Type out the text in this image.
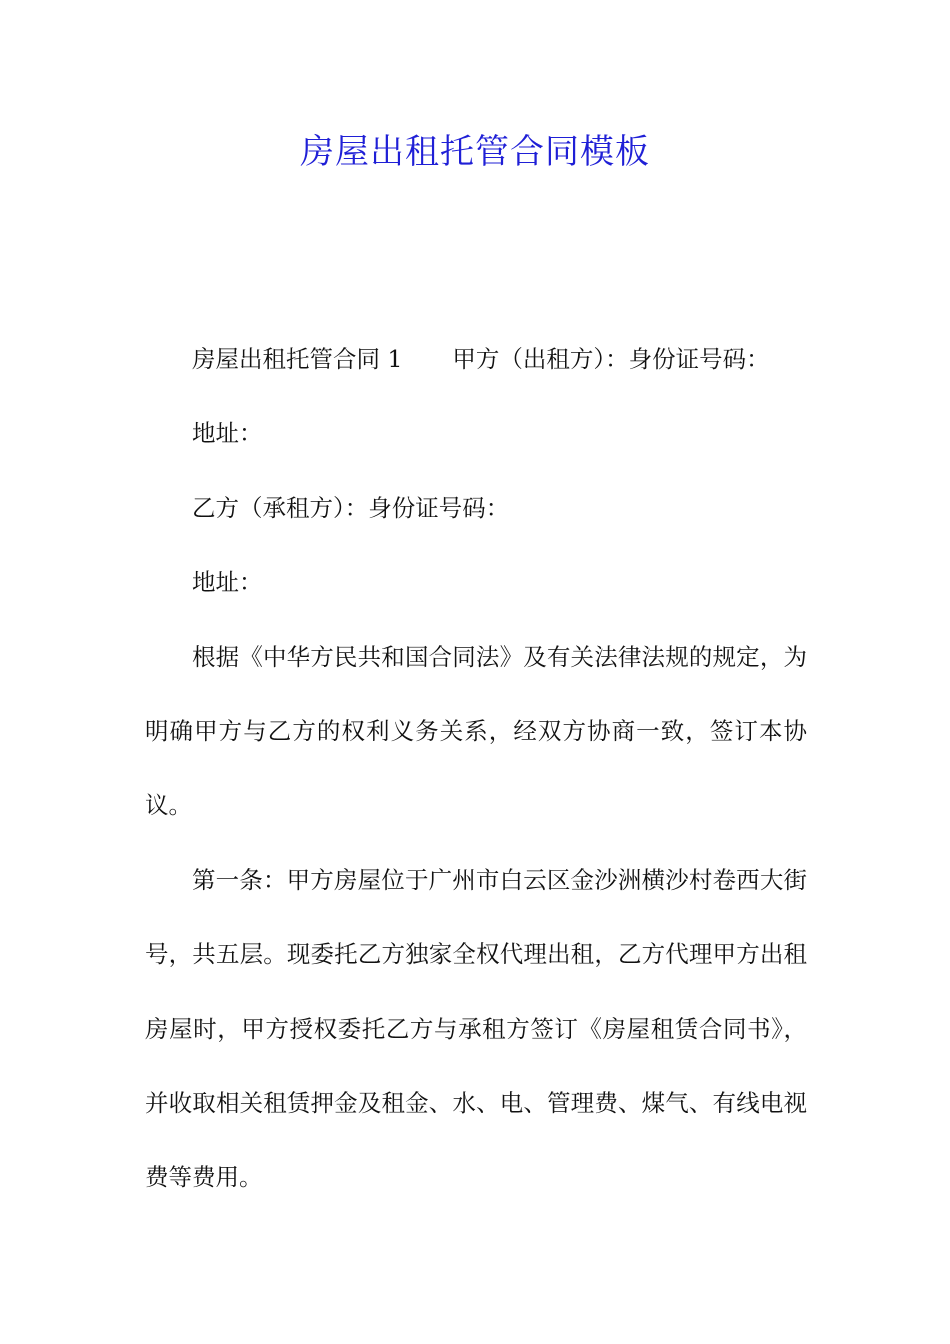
房屋出租托管合同模板

房屋出租托管合同 1 甲方（出租方）：身份证号码：

地址：

乙方（承租方）：身份证号码：

地址：

根据《中华方民共和国合同法》及有关法律法规的规定，为明确甲方与乙方的权利义务关系，经双方协商一致，签订本协议。

第一条：甲方房屋位于广州市白云区金沙洲横沙村卷西大街号，共五层。现委托乙方独家全权代理出租，乙方代理甲方出租房屋时，甲方授权委托乙方与承租方签订《房屋租赁合同书》，并收取相关租赁押金及租金、水、电、管理费、煤气、有线电视费等费用。
